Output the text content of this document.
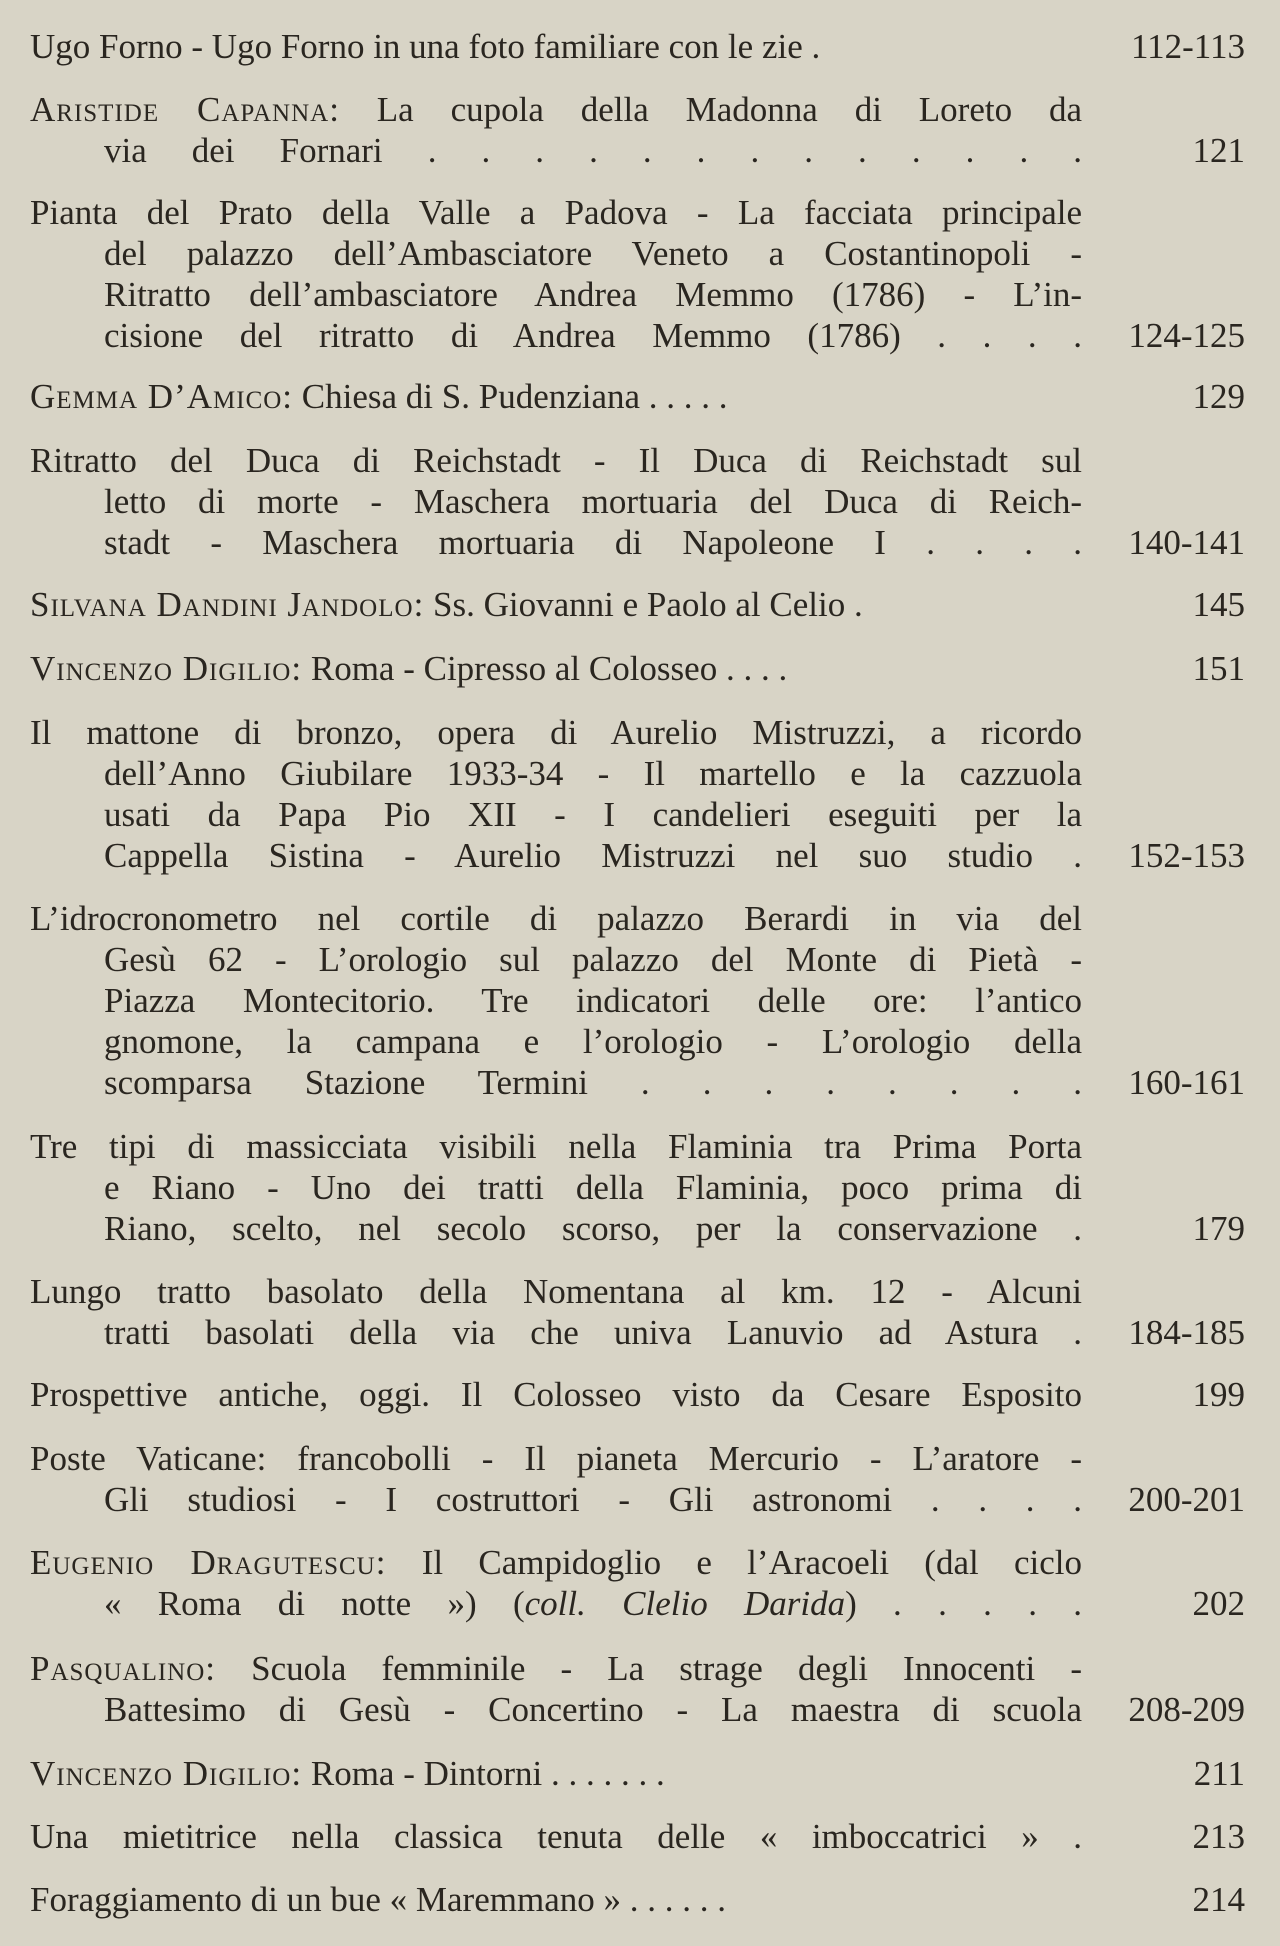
Ugo Forno - Ugo Forno in una foto familiare con le zie .	112-113
Aristide Capanna: La cupola della Madonna di Loreto da
via dei Fornari . . . . . . . . . . . . .	121
Pianta del Prato della Valle a Padova - La facciata principale
del palazzo dell’Ambasciatore Veneto a Costantinopoli -
Ritratto dell’ambasciatore Andrea Memmo (1786) - L’in-
cisione del ritratto di Andrea Memmo (1786) . . . . 124-125
Gemma D’Amico: Chiesa di S. Pudenziana . . . . .	129
Ritratto del Duca di Reichstadt - Il Duca di Reichstadt sul
letto di morte - Maschera mortuaria del Duca di Reich-
stadt - Maschera mortuaria di Napoleone I . . . . 140-141
Silvana Dandini Jandolo: Ss. Giovanni e Paolo al Celio .	145
Vincenzo Digilio: Roma - Cipresso al Colosseo . . . .	151
Il mattone di bronzo, opera di Aurelio Mistruzzi, a ricordo
dell’Anno Giubilare 1933-34 - Il martello e la cazzuola
usati da Papa Pio XII - I candelieri eseguiti per la
Cappella Sistina - Aurelio Mistruzzi nel suo studio . 152-153
L’idrocronometro nel cortile di palazzo Berardi in via del
Gesù 62 - L’orologio sul palazzo del Monte di Pietà -
Piazza Montecitorio. Tre indicatori delle ore: l’antico
gnomone, la campana e l’orologio - L’orologio della
scomparsa Stazione Termini . . . . . . . . 160-161
Tre tipi di massicciata visibili nella Flaminia tra Prima Porta
e Riano - Uno dei tratti della Flaminia, poco prima di
Riano, scelto, nel secolo scorso, per la conservazione .	179
Lungo tratto basolato della Nomentana al km. 12 - Alcuni
tratti basolati della via che univa Lanuvio ad Astura . 184-185
Prospettive antiche, oggi. Il Colosseo visto da Cesare Esposito	199
Poste Vaticane: francobolli - Il pianeta Mercurio - L’aratore -
Gli studiosi - I costruttori - Gli astronomi . . . . 200-201
Eugenio Dragutescu: Il Campidoglio e l’Aracoeli (dal ciclo
« Roma di notte ») (coll. Clelio Darida) . . . . .	202
Pasqualino: Scuola femminile - La strage degli Innocenti -
Battesimo di Gesù - Concertino - La maestra di scuola 208-209
Vincenzo Digilio: Roma - Dintorni . . . . . . .	211
Una mietitrice nella classica tenuta delle « imboccatrici » .	213
Foraggiamento di un bue « Maremmano » . . . . . .	214
